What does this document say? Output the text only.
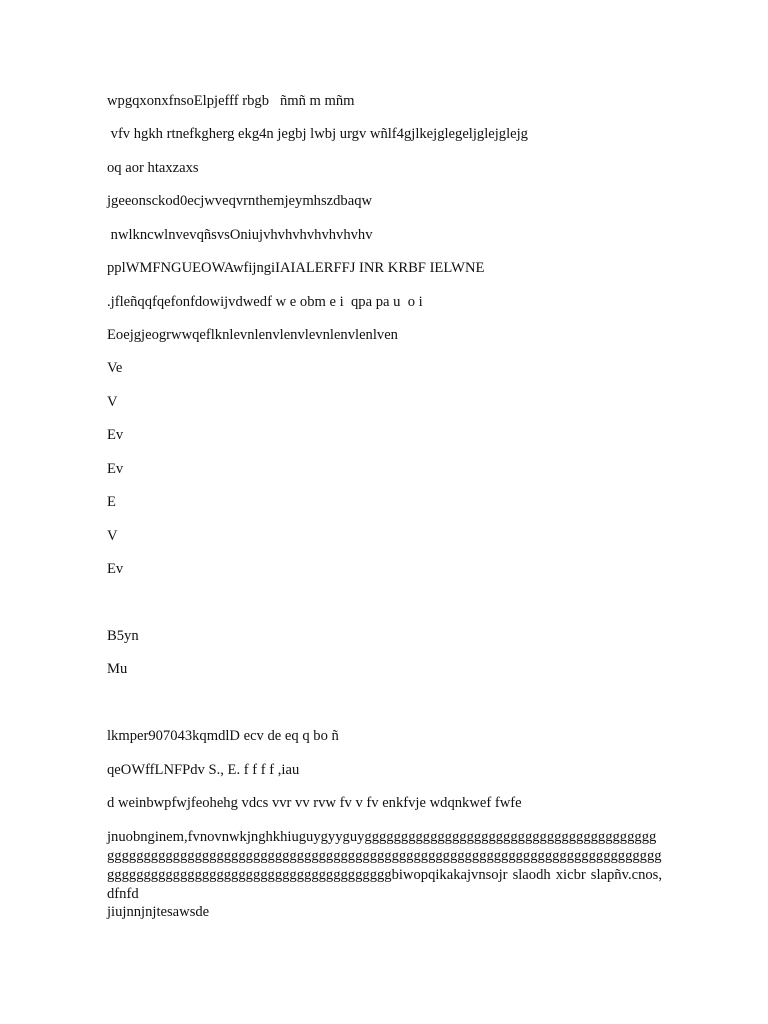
wpgqxonxfnsoElpjefff rbgb   ñmñ m mñm
vfv hgkh rtnefkgherg ekg4n jegbj lwbj urgv wñlf4gjlkejglegeljglejglejg
oq aor htaxzaxs
jgeeonsckod0ecjwveqvrnthemjeymhszdbaqw
nwlkncwlnvevqñsvsOniujvhvhvhvhvhvhvhv
pplWMFNGUEOWAwfijngiIAIALERFFJ INR KRBF IELWNE
.jfleñqqfqefonfdowijvdwedf w e obm e i  qpa pa u  o i
Eoejgjeogrwwqeflknlevnlenvlenvlevnlenvlenlven
Ve
V
Ev
Ev
E
V
Ev
B5yn
Mu
lkmper907043kqmdlD ecv de eq q bo ñ
qeOWffLNFPdv S., E. f f f f ,iau
d weinbwpfwjfeohehg vdcs vvr vv rvw fv v fv enkfvje wdqnkwef fwfe
jnuobnginem,fvnovnwkjnghkhiuguygyyguygggggggggggggggggggggggggggggggggggggggggggggggggggggggggggggggggggggggggggggggggggggggggggggggggggggggggggggggggggggggggggggggggggggggggggggggggggggggggggbiwopqikakajvnsojr slaodh xicbr slapñv.cnos,dfnfd
jiujnnjnjtesawsde
